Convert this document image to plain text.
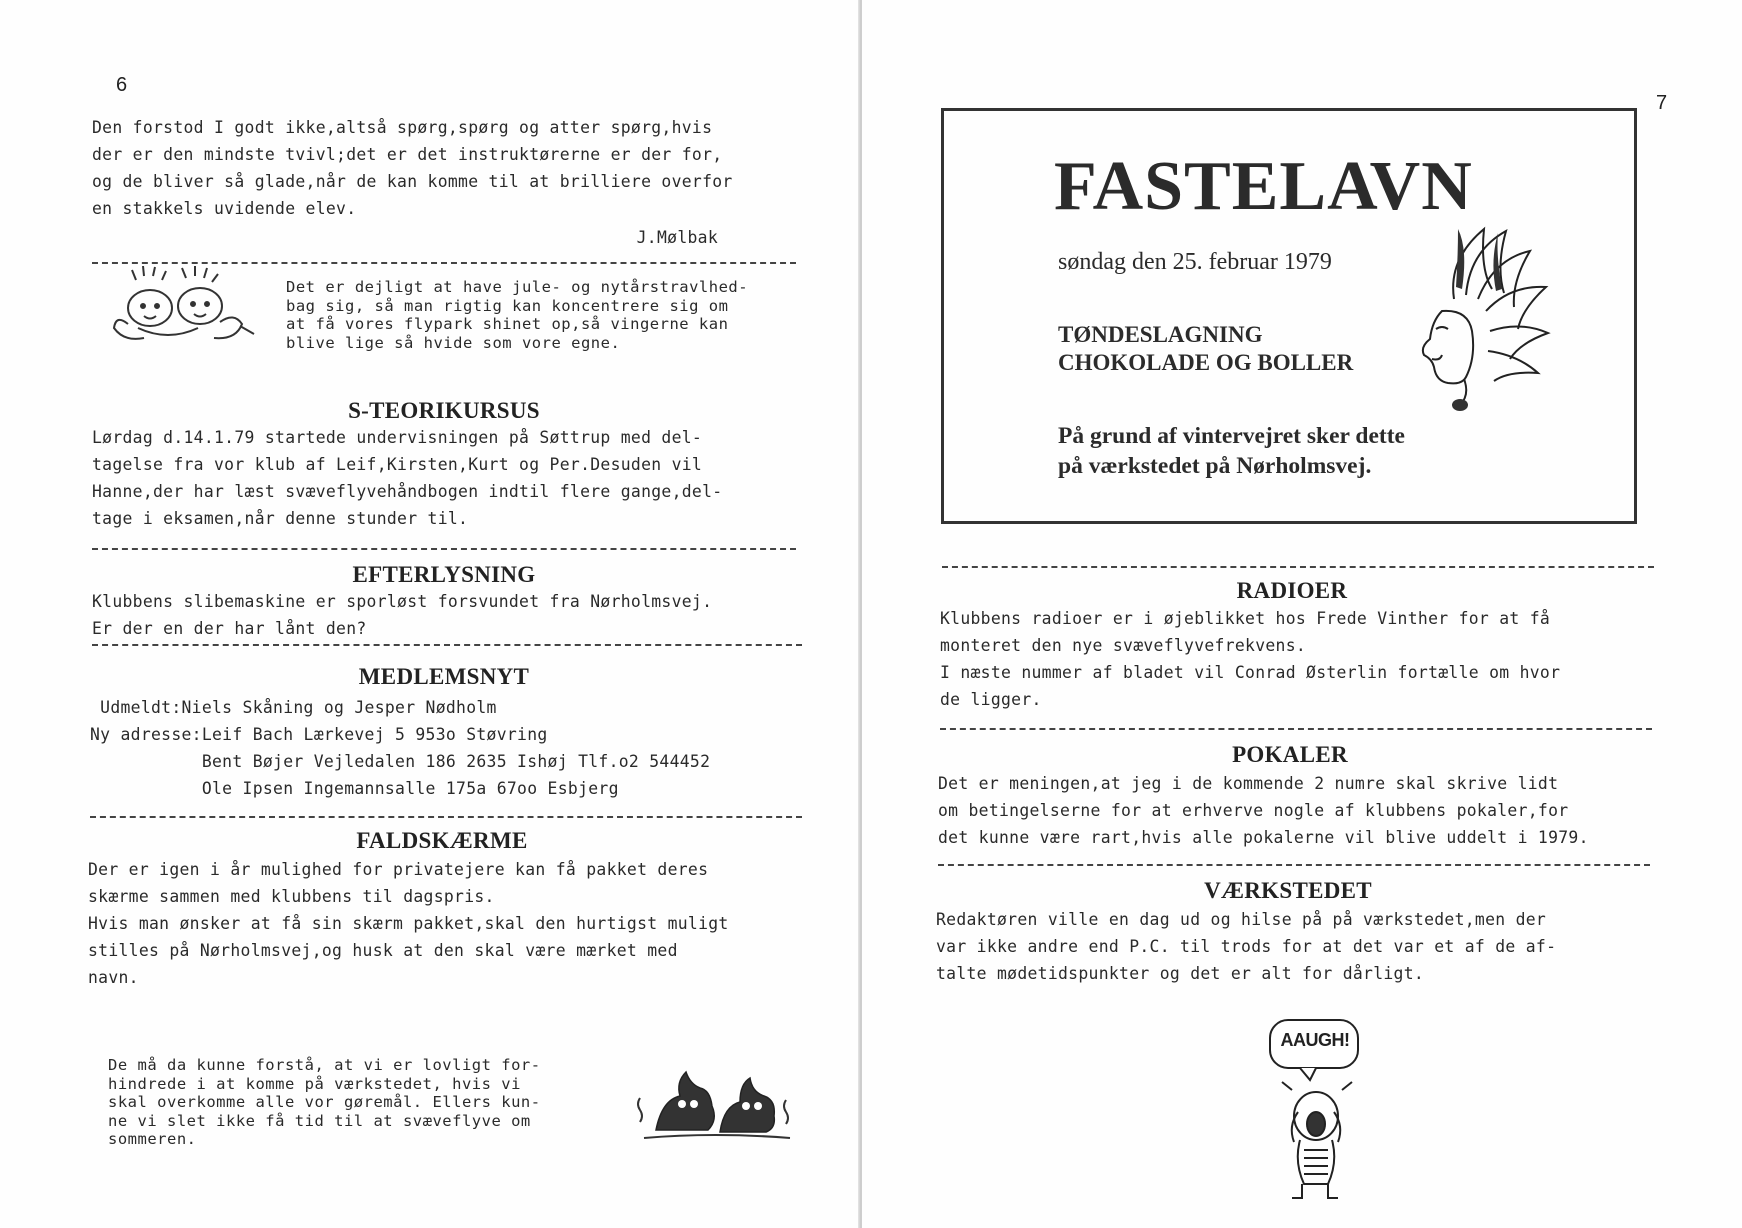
6
Den forstod I godt ikke,altså spørg,spørg og atter spørg,hvis
der er den mindste tvivl;det er det instruktørerne er der for,
og de bliver så glade,når de kan komme til at brilliere overfor
en stakkels uvidende elev.
J.Mølbak
Det er dejligt at have jule- og nytårstravlhed-
bag sig, så man rigtig kan koncentrere sig om
at få vores flypark shinet op,så vingerne kan
blive lige så hvide som vore egne.
S-TEORIKURSUS
Lørdag d.14.1.79 startede undervisningen på Søttrup med del-
tagelse fra vor klub af Leif,Kirsten,Kurt og Per.Desuden vil
Hanne,der har læst svæveflyvehåndbogen indtil flere gange,del-
tage i eksamen,når denne stunder til.
EFTERLYSNING
Klubbens slibemaskine er sporløst forsvundet fra Nørholmsvej.
Er der en der har lånt den?
MEDLEMSNYT
Udmeldt:Niels Skåning og Jesper Nødholm
Ny adresse:Leif Bach Lærkevej 5 953o Støvring
Bent Bøjer Vejledalen 186 2635 Ishøj Tlf.o2 544452
Ole Ipsen Ingemannsalle 175a 67oo Esbjerg
FALDSKÆRME
Der er igen i år mulighed for privatejere kan få pakket deres
skærme sammen med klubbens til dagspris.
Hvis man ønsker at få sin skærm pakket,skal den hurtigst muligt
stilles på Nørholmsvej,og husk at den skal være mærket med
navn.
De må da kunne forstå, at vi er lovligt for-
hindrede i at komme på værkstedet, hvis vi
skal overkomme alle vor gøremål. Ellers kun-
ne vi slet ikke få tid til at svæveflyve om
sommeren.

7
FASTELAVN
søndag den 25. februar 1979
TØNDESLAGNING
CHOKOLADE OG BOLLER
På grund af vintervejret sker dette
på værkstedet på Nørholmsvej.
RADIOER
Klubbens radioer er i øjeblikket hos Frede Vinther for at få
monteret den nye svæveflyvefrekvens.
I næste nummer af bladet vil Conrad Østerlin fortælle om hvor
de ligger.
POKALER
Det er meningen,at jeg i de kommende 2 numre skal skrive lidt
om betingelserne for at erhverve nogle af klubbens pokaler,for
det kunne være rart,hvis alle pokalerne vil blive uddelt i 1979.
VÆRKSTEDET
Redaktøren ville en dag ud og hilse på på værkstedet,men der
var ikke andre end P.C. til trods for at det var et af de af-
talte mødetidspunkter og det er alt for dårligt.
AAUGH!
